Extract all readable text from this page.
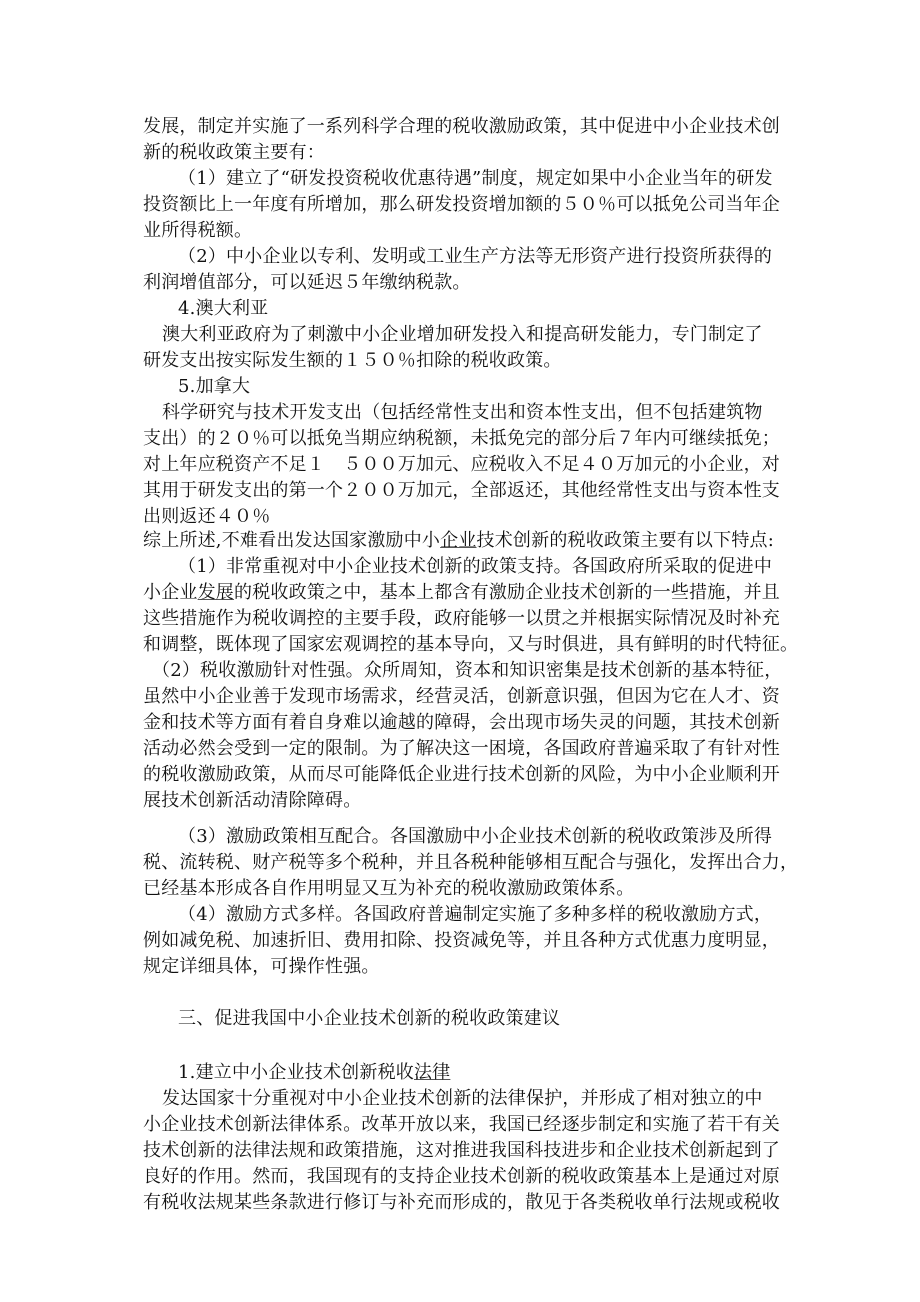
发展，制定并实施了一系列科学合理的税收激励政策，其中促进中小企业技术创
新的税收政策主要有：
（1）建立了“研发投资税收优惠待遇”制度，规定如果中小企业当年的研发
投资额比上一年度有所增加，那么研发投资增加额的５０％可以抵免公司当年企
业所得税额。
（2）中小企业以专利、发明或工业生产方法等无形资产进行投资所获得的
利润增值部分，可以延迟５年缴纳税款。
4.澳大利亚
澳大利亚政府为了刺激中小企业增加研发投入和提高研发能力，专门制定了
研发支出按实际发生额的１５０％扣除的税收政策。
5.加拿大
科学研究与技术开发支出（包括经常性支出和资本性支出，但不包括建筑物
支出）的２０％可以抵免当期应纳税额，未抵免完的部分后７年内可继续抵免；
对上年应税资产不足１　５００万加元、应税收入不足４０万加元的小企业，对
其用于研发支出的第一个２００万加元，全部返还，其他经常性支出与资本性支
出则返还４０％
综上所述,不难看出发达国家激励中小企业技术创新的税收政策主要有以下特点:
（1）非常重视对中小企业技术创新的政策支持。各国政府所采取的促进中
小企业发展的税收政策之中，基本上都含有激励企业技术创新的一些措施，并且
这些措施作为税收调控的主要手段，政府能够一以贯之并根据实际情况及时补充
和调整，既体现了国家宏观调控的基本导向，又与时俱进，具有鲜明的时代特征。
（2）税收激励针对性强。众所周知，资本和知识密集是技术创新的基本特征，
虽然中小企业善于发现市场需求，经营灵活，创新意识强，但因为它在人才、资
金和技术等方面有着自身难以逾越的障碍，会出现市场失灵的问题，其技术创新
活动必然会受到一定的限制。为了解决这一困境，各国政府普遍采取了有针对性
的税收激励政策，从而尽可能降低企业进行技术创新的风险，为中小企业顺利开
展技术创新活动清除障碍。
（3）激励政策相互配合。各国激励中小企业技术创新的税收政策涉及所得
税、流转税、财产税等多个税种，并且各税种能够相互配合与强化，发挥出合力，
已经基本形成各自作用明显又互为补充的税收激励政策体系。
（4）激励方式多样。各国政府普遍制定实施了多种多样的税收激励方式，
例如减免税、加速折旧、费用扣除、投资减免等，并且各种方式优惠力度明显，
规定详细具体，可操作性强。
三、促进我国中小企业技术创新的税收政策建议
1.建立中小企业技术创新税收法律
发达国家十分重视对中小企业技术创新的法律保护，并形成了相对独立的中
小企业技术创新法律体系。改革开放以来，我国已经逐步制定和实施了若干有关
技术创新的法律法规和政策措施，这对推进我国科技进步和企业技术创新起到了
良好的作用。然而，我国现有的支持企业技术创新的税收政策基本上是通过对原
有税收法规某些条款进行修订与补充而形成的，散见于各类税收单行法规或税收
